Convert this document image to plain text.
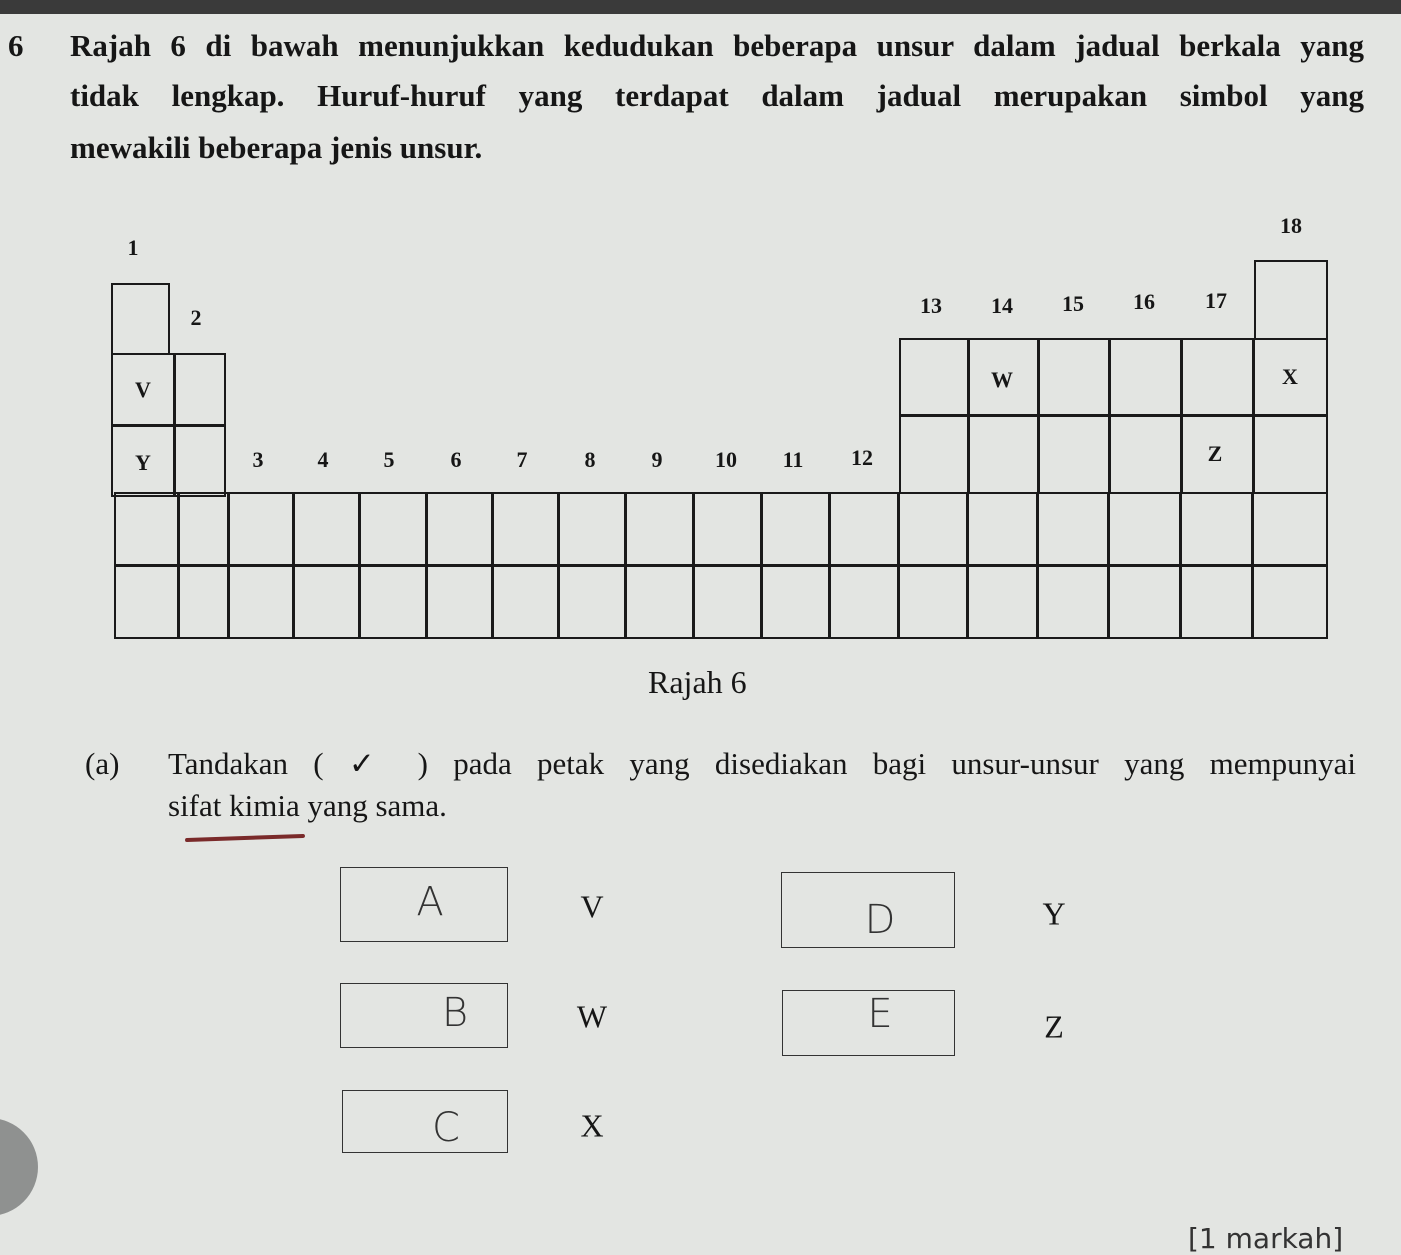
6 Rajah 6 di bawah menunjukkan kedudukan beberapa unsur dalam jadual berkala yang
tidak lengkap. Huruf-huruf yang terdapat dalam jadual merupakan simbol yang
mewakili beberapa jenis unsur.
1
2
3 4	5	6	7	8	9 10 11 12
13 14 15 16 17
18
V
Y
W	X
Z
Rajah 6
(a) Tandakan ( ✓ ) pada petak yang disediakan bagi unsur-unsur yang mempunyai
sifat kimia yang sama.
A	V
B	W
C	X
D	Y
E	Z
[1 markah]
